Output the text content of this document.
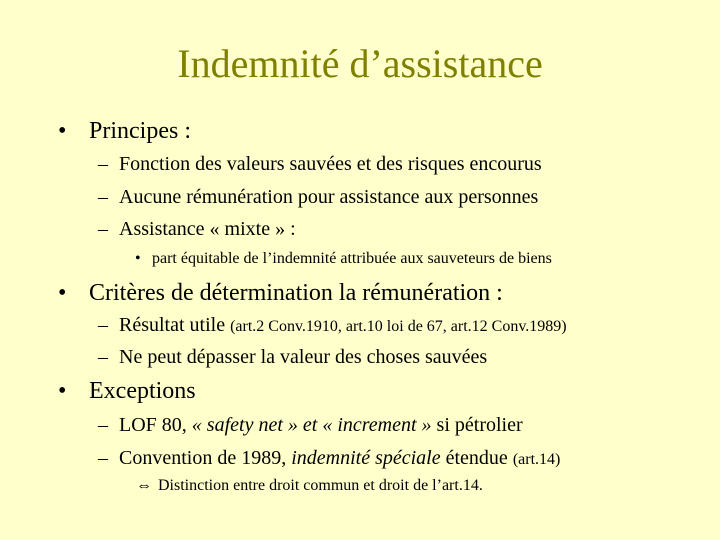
Indemnité d’assistance
• Principes :
– Fonction des valeurs sauvées et des risques encourus
– Aucune rémunération pour assistance aux personnes
– Assistance « mixte » :
• part équitable de l’indemnité attribuée aux sauveteurs de biens
• Critères de détermination la rémunération :
– Résultat utile (art.2 Conv.1910, art.10 loi de 67, art.12 Conv.1989)
– Ne peut dépasser la valeur des choses sauvées
• Exceptions
– LOF 80, « safety net » et « increment » si pétrolier
– Convention de 1989, indemnité spéciale étendue (art.14)
⇔ Distinction entre droit commun et droit de l’art.14.
